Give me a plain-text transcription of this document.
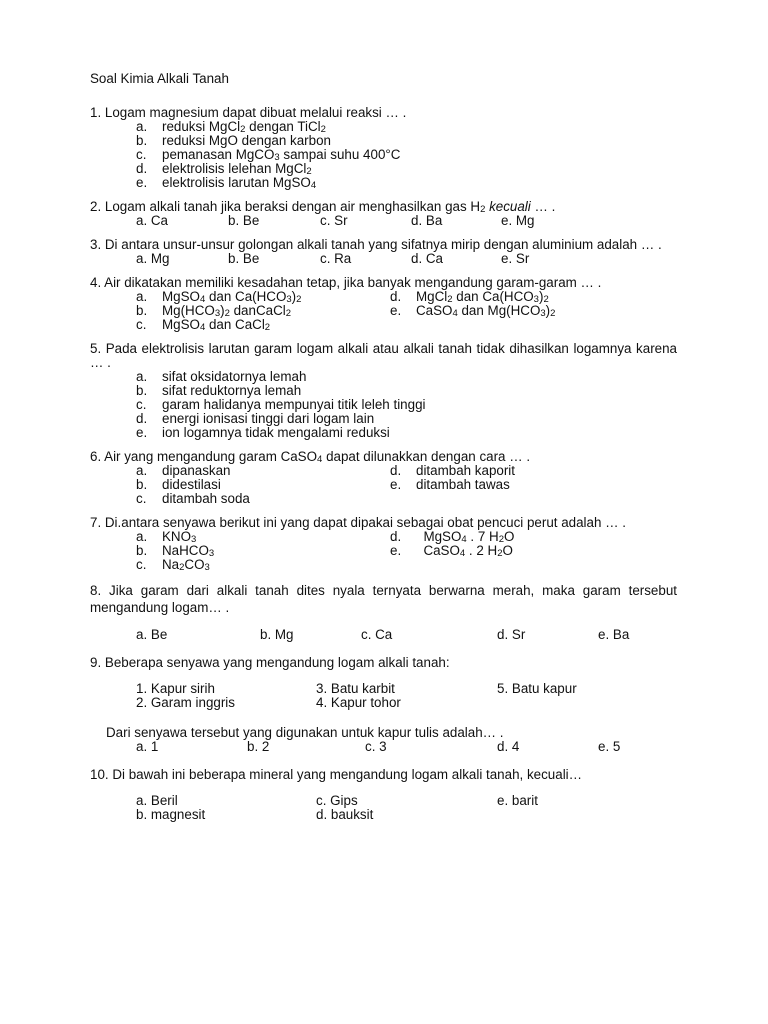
Soal Kimia Alkali Tanah
1. Logam magnesium dapat dibuat melalui reaksi … .
a.	reduksi MgCl$_2$ dengan TiCl$_2$
b.	reduksi MgO dengan karbon
c.	pemanasan MgCO$_3$ sampai suhu 400°C
d.	elektrolisis lelehan MgCl$_2$
e.	elektrolisis larutan MgSO$_4$
2. Logam alkali tanah jika beraksi dengan air menghasilkan gas $H_2$ kecuali … .
a. Ca	b. Be	c. Sr	d. Ba	e. Mg
3. Di antara unsur-unsur golongan alkali tanah yang sifatnya mirip dengan aluminium adalah … .
a. Mg	b. Be	c. Ra	d. Ca	e. Sr
4. Air dikatakan memiliki kesadahan tetap, jika banyak mengandung garam-garam … .
a.	MgSO$_4$ dan $Ca(HCO_3)_2$	d.	MgCl$_2$ dan $Ca(HCO_3)_2$
b.	$Mg(HCO_3)_2$ danCaCl$_2$	e.	CaSO$_4$ dan $Mg(HCO_3)_2$
c.	MgSO$_4$ dan CaCl$_2$
5. Pada elektrolisis larutan garam logam alkali atau alkali tanah tidak dihasilkan logamnya karena … .
a.	sifat oksidatornya lemah
b.	sifat reduktornya lemah
c.	garam halidanya mempunyai titik leleh tinggi
d.	energi ionisasi tinggi dari logam lain
e.	ion logamnya tidak mengalami reduksi
6. Air yang mengandung garam CaSO$_4$ dapat dilunakkan dengan cara … .
a.	dipanaskan	d.	ditambah kaporit
b.	didestilasi	e.	ditambah tawas
c.	ditambah soda
7. Di.antara senyawa berikut ini yang dapat dipakai sebagai obat pencuci perut adalah … .
a.	$KNO_3$	d.	MgSO$_4$ . 7 $H_2O$
b.	NaHCO$_3$	e.	CaSO$_4$ . 2 $H_2O$
c.	$Na_2CO_3$
8. Jika garam dari alkali tanah dites nyala ternyata berwarna merah, maka garam tersebut mengandung logam… .
a. Be	b. Mg	c. Ca	d. Sr	e. Ba
9. Beberapa senyawa yang mengandung logam alkali tanah:
1. Kapur sirih	3. Batu karbit	5. Batu kapur
2. Garam inggris	4. Kapur tohor
Dari senyawa tersebut yang digunakan untuk kapur tulis adalah… .
a. 1	b. 2	c. 3	d. 4	e. 5
10. Di bawah ini beberapa mineral yang mengandung logam alkali tanah, kecuali…
a. Beril	c. Gips	e. barit
b. magnesit	d. bauksit
